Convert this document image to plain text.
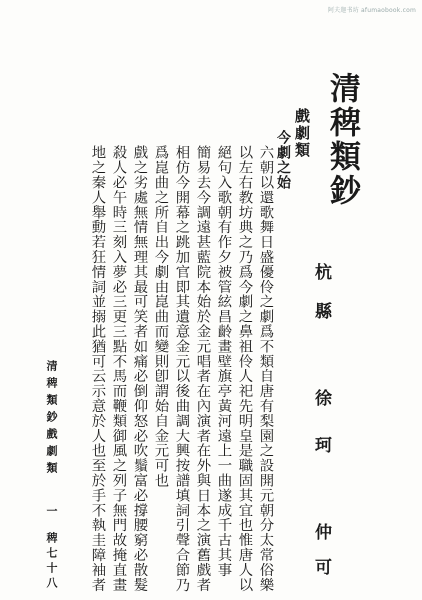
阿夫迦书坊 afumaobook.com
清稗類鈔
杭縣 徐珂 仲可
戲劇類
今劇之始
六朝以還歌舞日盛優伶之劇爲不類自唐有梨園之設開元朝分太常俗樂
以左右教坊典之乃爲今劇之鼻祖伶人祀先明皇是職固其宜也惟唐人以
絕句入歌朝有作夕被管絃昌齡畫壁旗亭黃河遠上一曲遂成千古其事
簡易去今調遠甚藍院本始於金元唱者在內演者在外與日本之演舊戲者
相仿今開幕之跳加官即其遺意金元以後曲調大興按譜填詞引聲合節乃
爲崑曲之所自出今劇由崑曲而變則卽謂始自金元可也
戲之劣處無情無理其最可笑者如痛必倒仰怒必吹鬚富必撐腰窮必散髮
殺人必午時三刻入夢必三更三點不馬而鞭類御風之列子無門故掩直畫
地之秦人舉動若狂情詞並搦此猶可云示意於人也至於手不執圭障袖者
清稗類鈔
戲劇類
一
稗七十八
